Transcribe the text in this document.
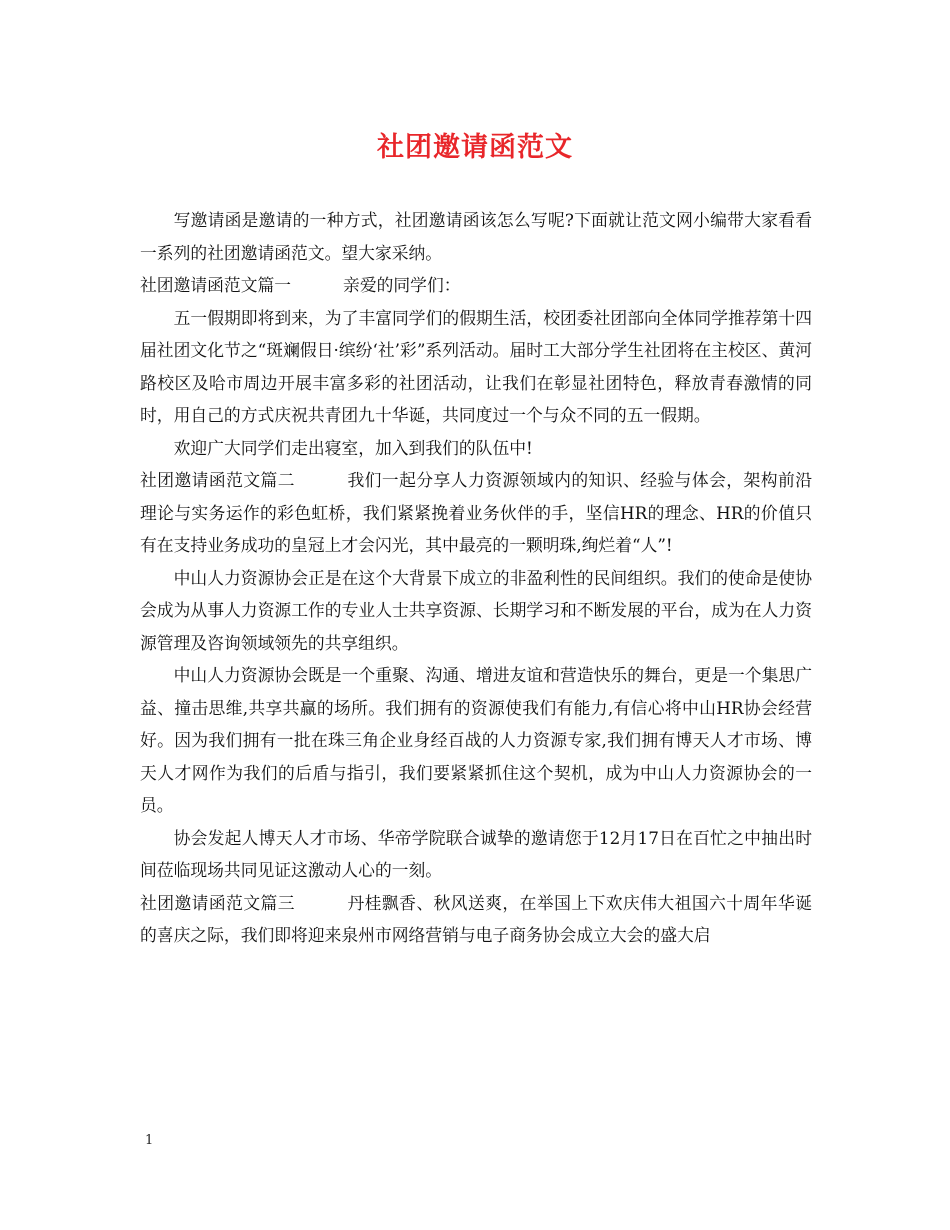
社团邀请函范文

写邀请函是邀请的一种方式，社团邀请函该怎么写呢?下面就让范文网小编带大家看看一系列的社团邀请函范文。望大家采纳。

社团邀请函范文篇一	亲爱的同学们：

五一假期即将到来，为了丰富同学们的假期生活，校团委社团部向全体同学推荐第十四届社团文化节之“斑斓假日·缤纷‘社’彩”系列活动。届时工大部分学生社团将在主校区、黄河路校区及哈市周边开展丰富多彩的社团活动，让我们在彰显社团特色，释放青春激情的同时，用自己的方式庆祝共青团九十华诞，共同度过一个与众不同的五一假期。

欢迎广大同学们走出寝室，加入到我们的队伍中!

社团邀请函范文篇二	我们一起分享人力资源领域内的知识、经验与体会，架构前沿理论与实务运作的彩色虹桥，我们紧紧挽着业务伙伴的手，坚信HR的理念、HR的价值只有在支持业务成功的皇冠上才会闪光，其中最亮的一颗明珠,绚烂着“人”!

中山人力资源协会正是在这个大背景下成立的非盈利性的民间组织。我们的使命是使协会成为从事人力资源工作的专业人士共享资源、长期学习和不断发展的平台，成为在人力资源管理及咨询领域领先的共享组织。

中山人力资源协会既是一个重聚、沟通、增进友谊和营造快乐的舞台，更是一个集思广益、撞击思维,共享共赢的场所。我们拥有的资源使我们有能力,有信心将中山HR协会经营好。因为我们拥有一批在珠三角企业身经百战的人力资源专家,我们拥有博天人才市场、博天人才网作为我们的后盾与指引，我们要紧紧抓住这个契机，成为中山人力资源协会的一员。

协会发起人博天人才市场、华帝学院联合诚挚的邀请您于12月17日在百忙之中抽出时间莅临现场共同见证这激动人心的一刻。

社团邀请函范文篇三	丹桂飘香、秋风送爽，在举国上下欢庆伟大祖国六十周年华诞的喜庆之际，我们即将迎来泉州市网络营销与电子商务协会成立大会的盛大启

1
